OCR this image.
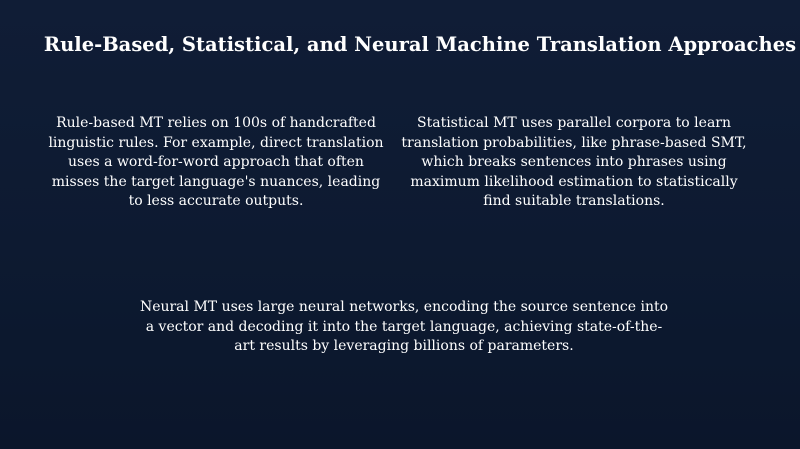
Rule-Based, Statistical, and Neural Machine Translation Approaches

Rule-based MT relies on 100s of handcrafted linguistic rules. For example, direct translation uses a word-for-word approach that often misses the target language's nuances, leading to less accurate outputs.

Statistical MT uses parallel corpora to learn translation probabilities, like phrase-based SMT, which breaks sentences into phrases using maximum likelihood estimation to statistically find suitable translations.

Neural MT uses large neural networks, encoding the source sentence into a vector and decoding it into the target language, achieving state-of-the-art results by leveraging billions of parameters.
